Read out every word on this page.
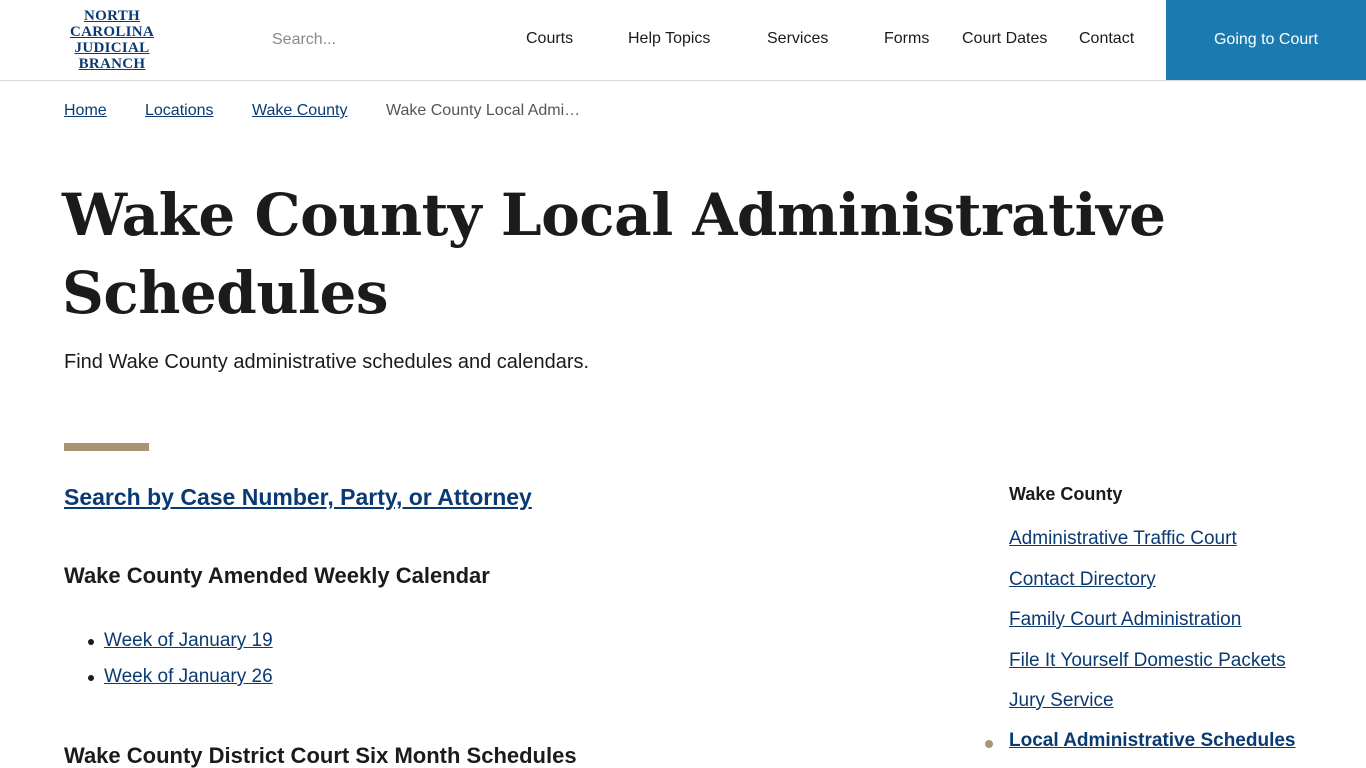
NORTH
CAROLINA
JUDICIAL
BRANCH
Search...
Courts	Help Topics	Services	Forms Court Dates Contact	Going to Court
Home Locations Wake County Wake County Local Admi…
Wake County Local Administrative Schedules

Find Wake County administrative schedules and calendars.

Search by Case Number, Party, or Attorney
Wake County Amended Weekly Calendar
Week of January 19
Week of January 26
Wake County District Court Six Month Schedules
Wake County
Administrative Traffic Court
Contact Directory
Family Court Administration
File It Yourself Domestic Packets
Jury Service
Local Administrative Schedules
